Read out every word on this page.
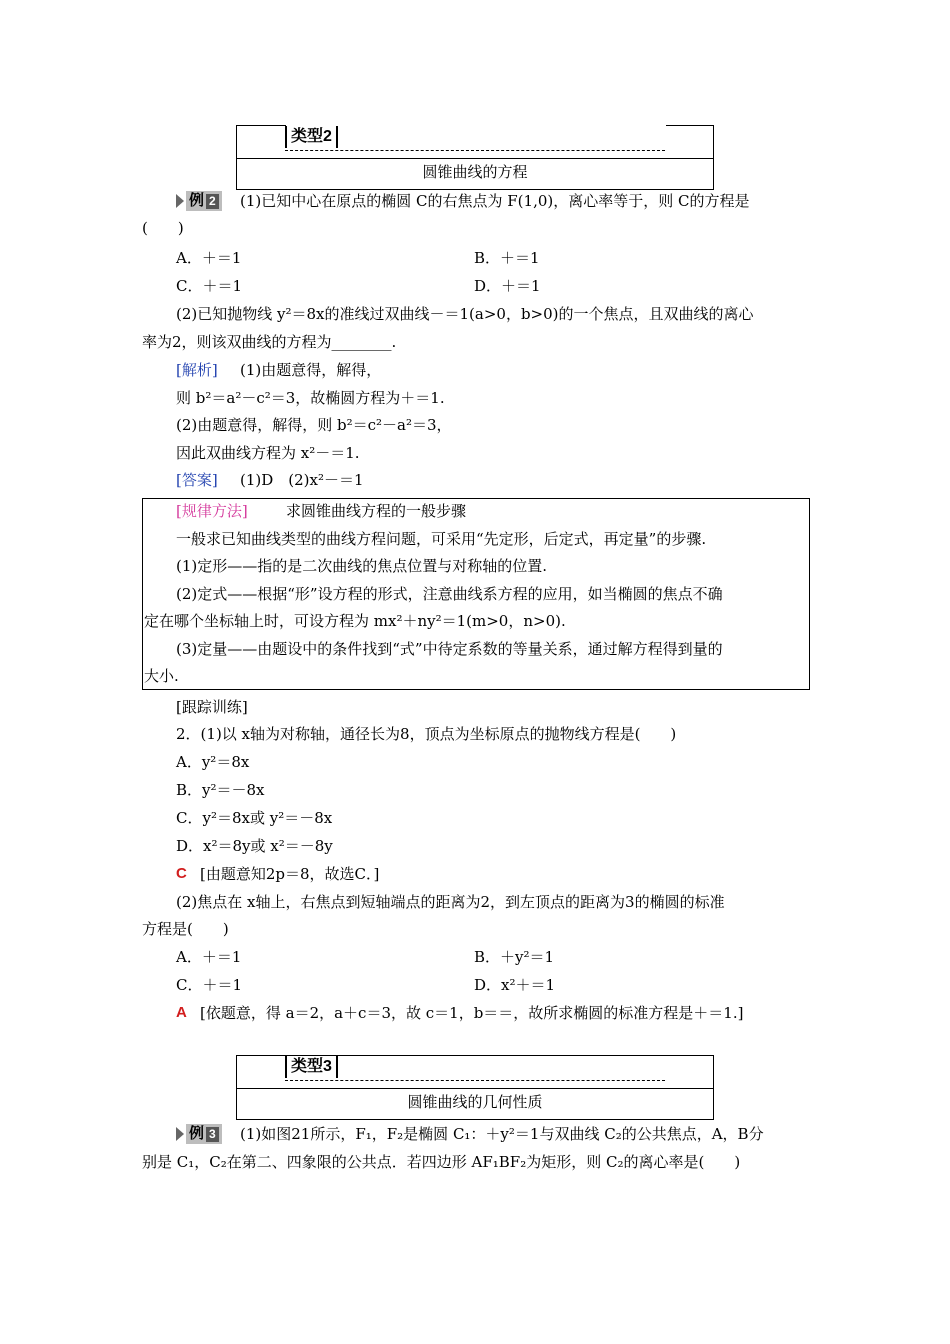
类型2
圆锥曲线的方程
例 2	(1)已知中心在原点的椭圆 C的右焦点为 F(1,0)，离心率等于，则 C的方程是
(　　)
A．＋＝1	B．＋＝1
C．＋＝1	D．＋＝1
(2)已知抛物线 y²＝8x的准线过双曲线－＝1(a>0，b>0)的一个焦点，且双曲线的离心
率为2，则该双曲线的方程为________.
[解析] (1)由题意得，解得，
则 b²＝a²－c²＝3，故椭圆方程为＋＝1.
(2)由题意得，解得，则 b²＝c²－a²＝3，
因此双曲线方程为 x²－＝1.
[答案] (1)D　(2)x²－＝1
[规律方法]	求圆锥曲线方程的一般步骤
一般求已知曲线类型的曲线方程问题，可采用“先定形，后定式，再定量”的步骤.
(1)定形——指的是二次曲线的焦点位置与对称轴的位置.
(2)定式——根据“形”设方程的形式，注意曲线系方程的应用，如当椭圆的焦点不确
定在哪个坐标轴上时，可设方程为 mx²＋ny²＝1(m>0，n>0).
(3)定量——由题设中的条件找到“式”中待定系数的等量关系，通过解方程得到量的
大小.
[跟踪训练]
2．(1)以 x轴为对称轴，通径长为8，顶点为坐标原点的抛物线方程是(　　)
A．y²＝8x
B．y²＝－8x
C．y²＝8x或 y²＝－8x
D．x²＝8y或 x²＝－8y
C [由题意知2p＝8，故选C．]
(2)焦点在 x轴上，右焦点到短轴端点的距离为2，到左顶点的距离为3的椭圆的标准
方程是(　　)
A．＋＝1	B．＋y²＝1
C．＋＝1	D．x²＋＝1
A [依题意，得 a＝2，a＋c＝3，故 c＝1，b＝＝，故所求椭圆的标准方程是＋＝1.]
类型3
圆锥曲线的几何性质
例 3	(1)如图21所示，F₁，F₂是椭圆 C₁：＋y²＝1与双曲线 C₂的公共焦点，A，B分
别是 C₁，C₂在第二、四象限的公共点．若四边形 AF₁BF₂为矩形，则 C₂的离心率是(　　)
